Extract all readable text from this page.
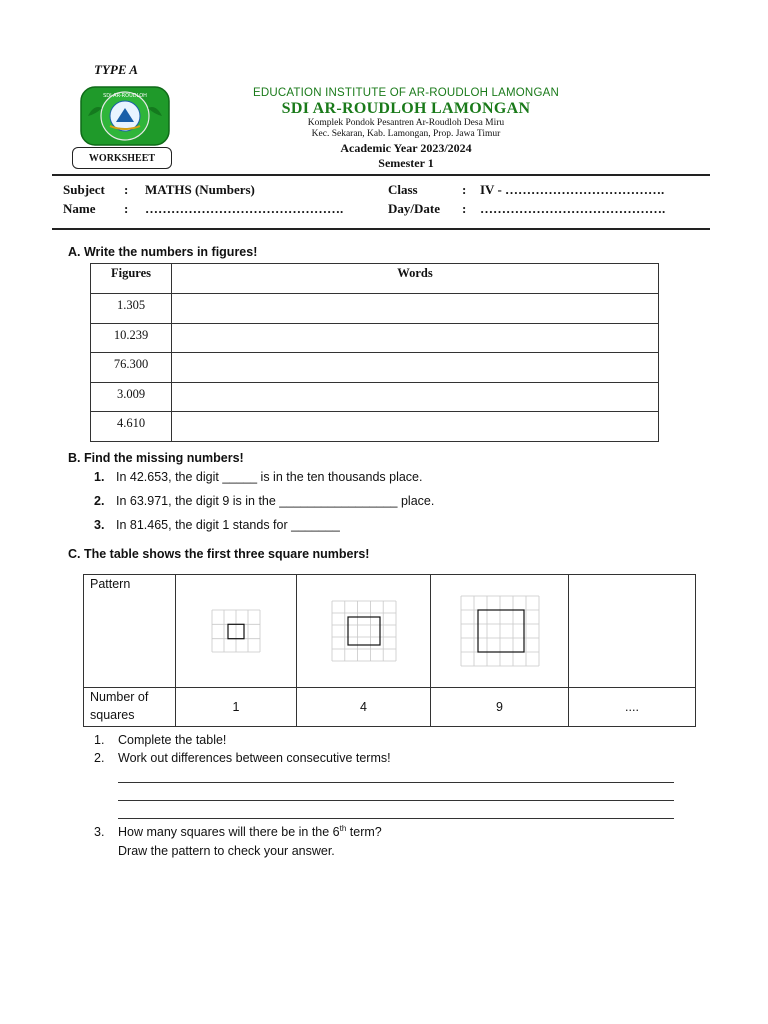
TYPE A
SDI AR-ROUDLOH
WORKSHEET
EDUCATION INSTITUTE OF AR-ROUDLOH LAMONGAN
SDI AR-ROUDLOH LAMONGAN
Komplek Pondok Pesantren Ar-Roudloh Desa Miru
Kec. Sekaran, Kab. Lamongan, Prop. Jawa Timur
Academic Year 2023/2024
Semester 1
Subject : MATHS (Numbers)	Class	: IV - ……………………………….
Name : ……………………………………….	Day/Date : …………………………………….
A. Write the numbers in figures!
Figures	Words
1.305	
10.239	
76.300	
3.009	
4.610	
B. Find the missing numbers!
1. In 42.653, the digit _____ is in the ten thousands place.
2. In 63.971, the digit 9 is in the _________________ place.
3. In 81.465, the digit 1 stands for _______
C. The table shows the first three square numbers!
Pattern	

Number of squares	1	4	9	....
1. Complete the table!
2. Work out differences between consecutive terms!
3. How many squares will there be in the 6th term?
Draw the pattern to check your answer.
